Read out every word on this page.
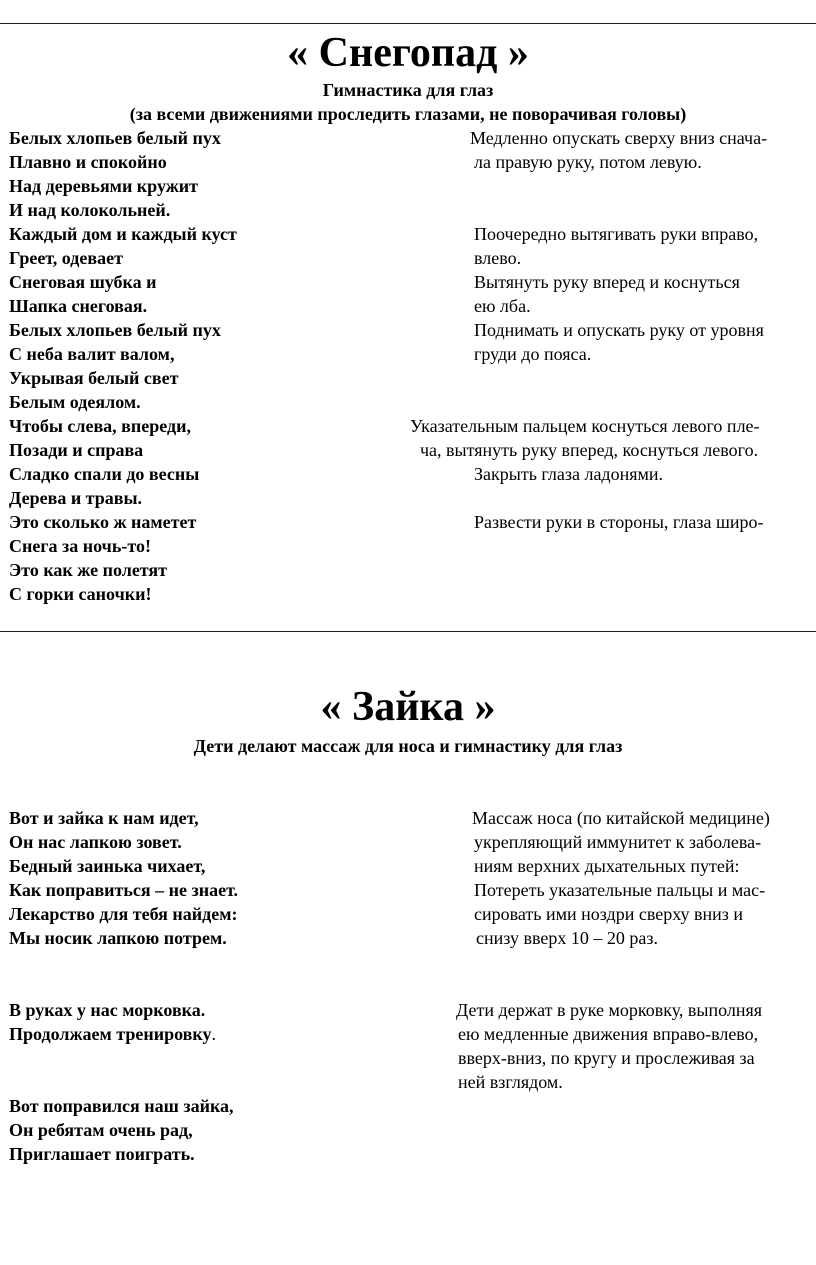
« Снегопад »
Гимнастика для глаз
(за всеми движениями проследить глазами, не поворачивая головы)
Белых хлопьев белый пух
Плавно и спокойно
Над деревьями кружит
И над колокольней.
Каждый дом и каждый куст
Греет, одевает
Снеговая шубка и
Шапка снеговая.
Белых хлопьев белый пух
С неба валит валом,
Укрывая белый свет
Белым одеялом.
Чтобы слева, впереди,
Позади и справа
Сладко спали до весны
Дерева и травы.
Это сколько ж наметет
Снега за ночь-то!
Это как же полетят
С горки саночки!
Медленно опускать сверху вниз снача-
ла правую руку, потом левую.
Поочередно вытягивать руки вправо,
влево.
Вытянуть руку вперед и коснуться
ею лба.
Поднимать и опускать руку от уровня
груди до пояса.
Указательным пальцем коснуться левого пле-
ча, вытянуть руку вперед, коснуться левого.
Закрыть глаза ладонями.
Развести руки в стороны, глаза широ-
« Зайка »
Дети делают массаж для носа и гимнастику для глаз
Вот и зайка к нам идет,
Он нас лапкою зовет.
Бедный заинька чихает,
Как поправиться – не знает.
Лекарство для тебя найдем:
Мы носик лапкою потрем.
Массаж носа (по китайской медицине)
укрепляющий иммунитет к заболева-
ниям верхних дыхательных путей:
Потереть указательные пальцы и мас-
сировать ими ноздри сверху вниз и
снизу вверх 10 – 20 раз.
В руках у нас морковка.
Продолжаем тренировку.
Дети держат в руке морковку, выполняя
ею медленные движения вправо-влево,
вверх-вниз, по кругу и прослеживая за
ней взглядом.
Вот поправился наш зайка,
Он ребятам очень рад,
Приглашает поиграть.
